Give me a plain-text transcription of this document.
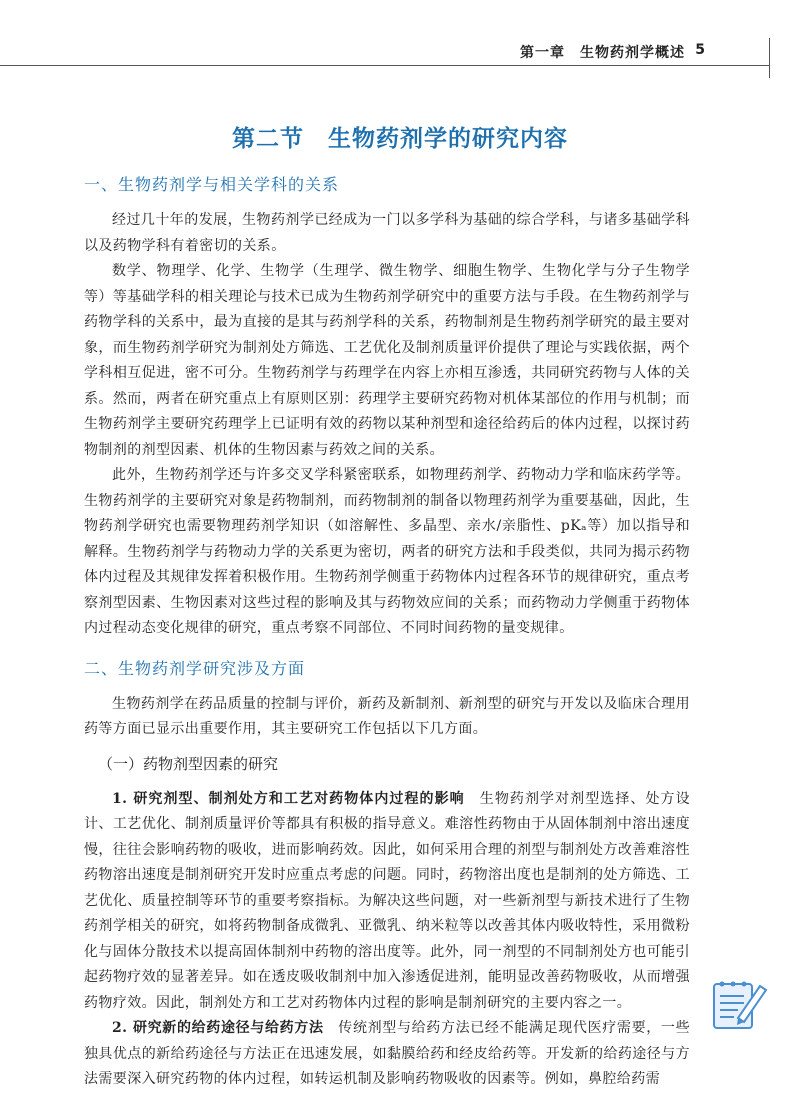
第一章　生物药剂学概述 5
第二节　生物药剂学的研究内容
一、生物药剂学与相关学科的关系

经过几十年的发展，生物药剂学已经成为一门以多学科为基础的综合学科，与诸多基础学科以及药物学科有着密切的关系。

数学、物理学、化学、生物学（生理学、微生物学、细胞生物学、生物化学与分子生物学等）等基础学科的相关理论与技术已成为生物药剂学研究中的重要方法与手段。在生物药剂学与药物学科的关系中，最为直接的是其与药剂学科的关系，药物制剂是生物药剂学研究的最主要对象，而生物药剂学研究为制剂处方筛选、工艺优化及制剂质量评价提供了理论与实践依据，两个学科相互促进，密不可分。生物药剂学与药理学在内容上亦相互渗透，共同研究药物与人体的关系。然而，两者在研究重点上有原则区别：药理学主要研究药物对机体某部位的作用与机制；而生物药剂学主要研究药理学上已证明有效的药物以某种剂型和途径给药后的体内过程，以探讨药物制剂的剂型因素、机体的生物因素与药效之间的关系。

此外，生物药剂学还与许多交叉学科紧密联系，如物理药剂学、药物动力学和临床药学等。生物药剂学的主要研究对象是药物制剂，而药物制剂的制备以物理药剂学为重要基础，因此，生物药剂学研究也需要物理药剂学知识（如溶解性、多晶型、亲水/亲脂性、pKₐ等）加以指导和解释。生物药剂学与药物动力学的关系更为密切，两者的研究方法和手段类似，共同为揭示药物体内过程及其规律发挥着积极作用。生物药剂学侧重于药物体内过程各环节的规律研究，重点考察剂型因素、生物因素对这些过程的影响及其与药物效应间的关系；而药物动力学侧重于药物体内过程动态变化规律的研究，重点考察不同部位、不同时间药物的量变规律。

二、生物药剂学研究涉及方面

生物药剂学在药品质量的控制与评价，新药及新制剂、新剂型的研究与开发以及临床合理用药等方面已显示出重要作用，其主要研究工作包括以下几方面。

（一）药物剂型因素的研究

1. 研究剂型、制剂处方和工艺对药物体内过程的影响　 生物药剂学对剂型选择、处方设计、工艺优化、制剂质量评价等都具有积极的指导意义。难溶性药物由于从固体制剂中溶出速度慢，往往会影响药物的吸收，进而影响药效。因此，如何采用合理的剂型与制剂处方改善难溶性药物溶出速度是制剂研究开发时应重点考虑的问题。同时，药物溶出度也是制剂的处方筛选、工艺优化、质量控制等环节的重要考察指标。为解决这些问题，对一些新剂型与新技术进行了生物药剂学相关的研究，如将药物制备成微乳、亚微乳、纳米粒等以改善其体内吸收特性，采用微粉化与固体分散技术以提高固体制剂中药物的溶出度等。此外，同一剂型的不同制剂处方也可能引起药物疗效的显著差异。如在透皮吸收制剂中加入渗透促进剂，能明显改善药物吸收，从而增强药物疗效。因此，制剂处方和工艺对药物体内过程的影响是制剂研究的主要内容之一。

2. 研究新的给药途径与给药方法　 传统剂型与给药方法已经不能满足现代医疗需要，一些独具优点的新给药途径与方法正在迅速发展，如黏膜给药和经皮给药等。开发新的给药途径与方法需要深入研究药物的体内过程，如转运机制及影响药物吸收的因素等。例如，鼻腔给药需
